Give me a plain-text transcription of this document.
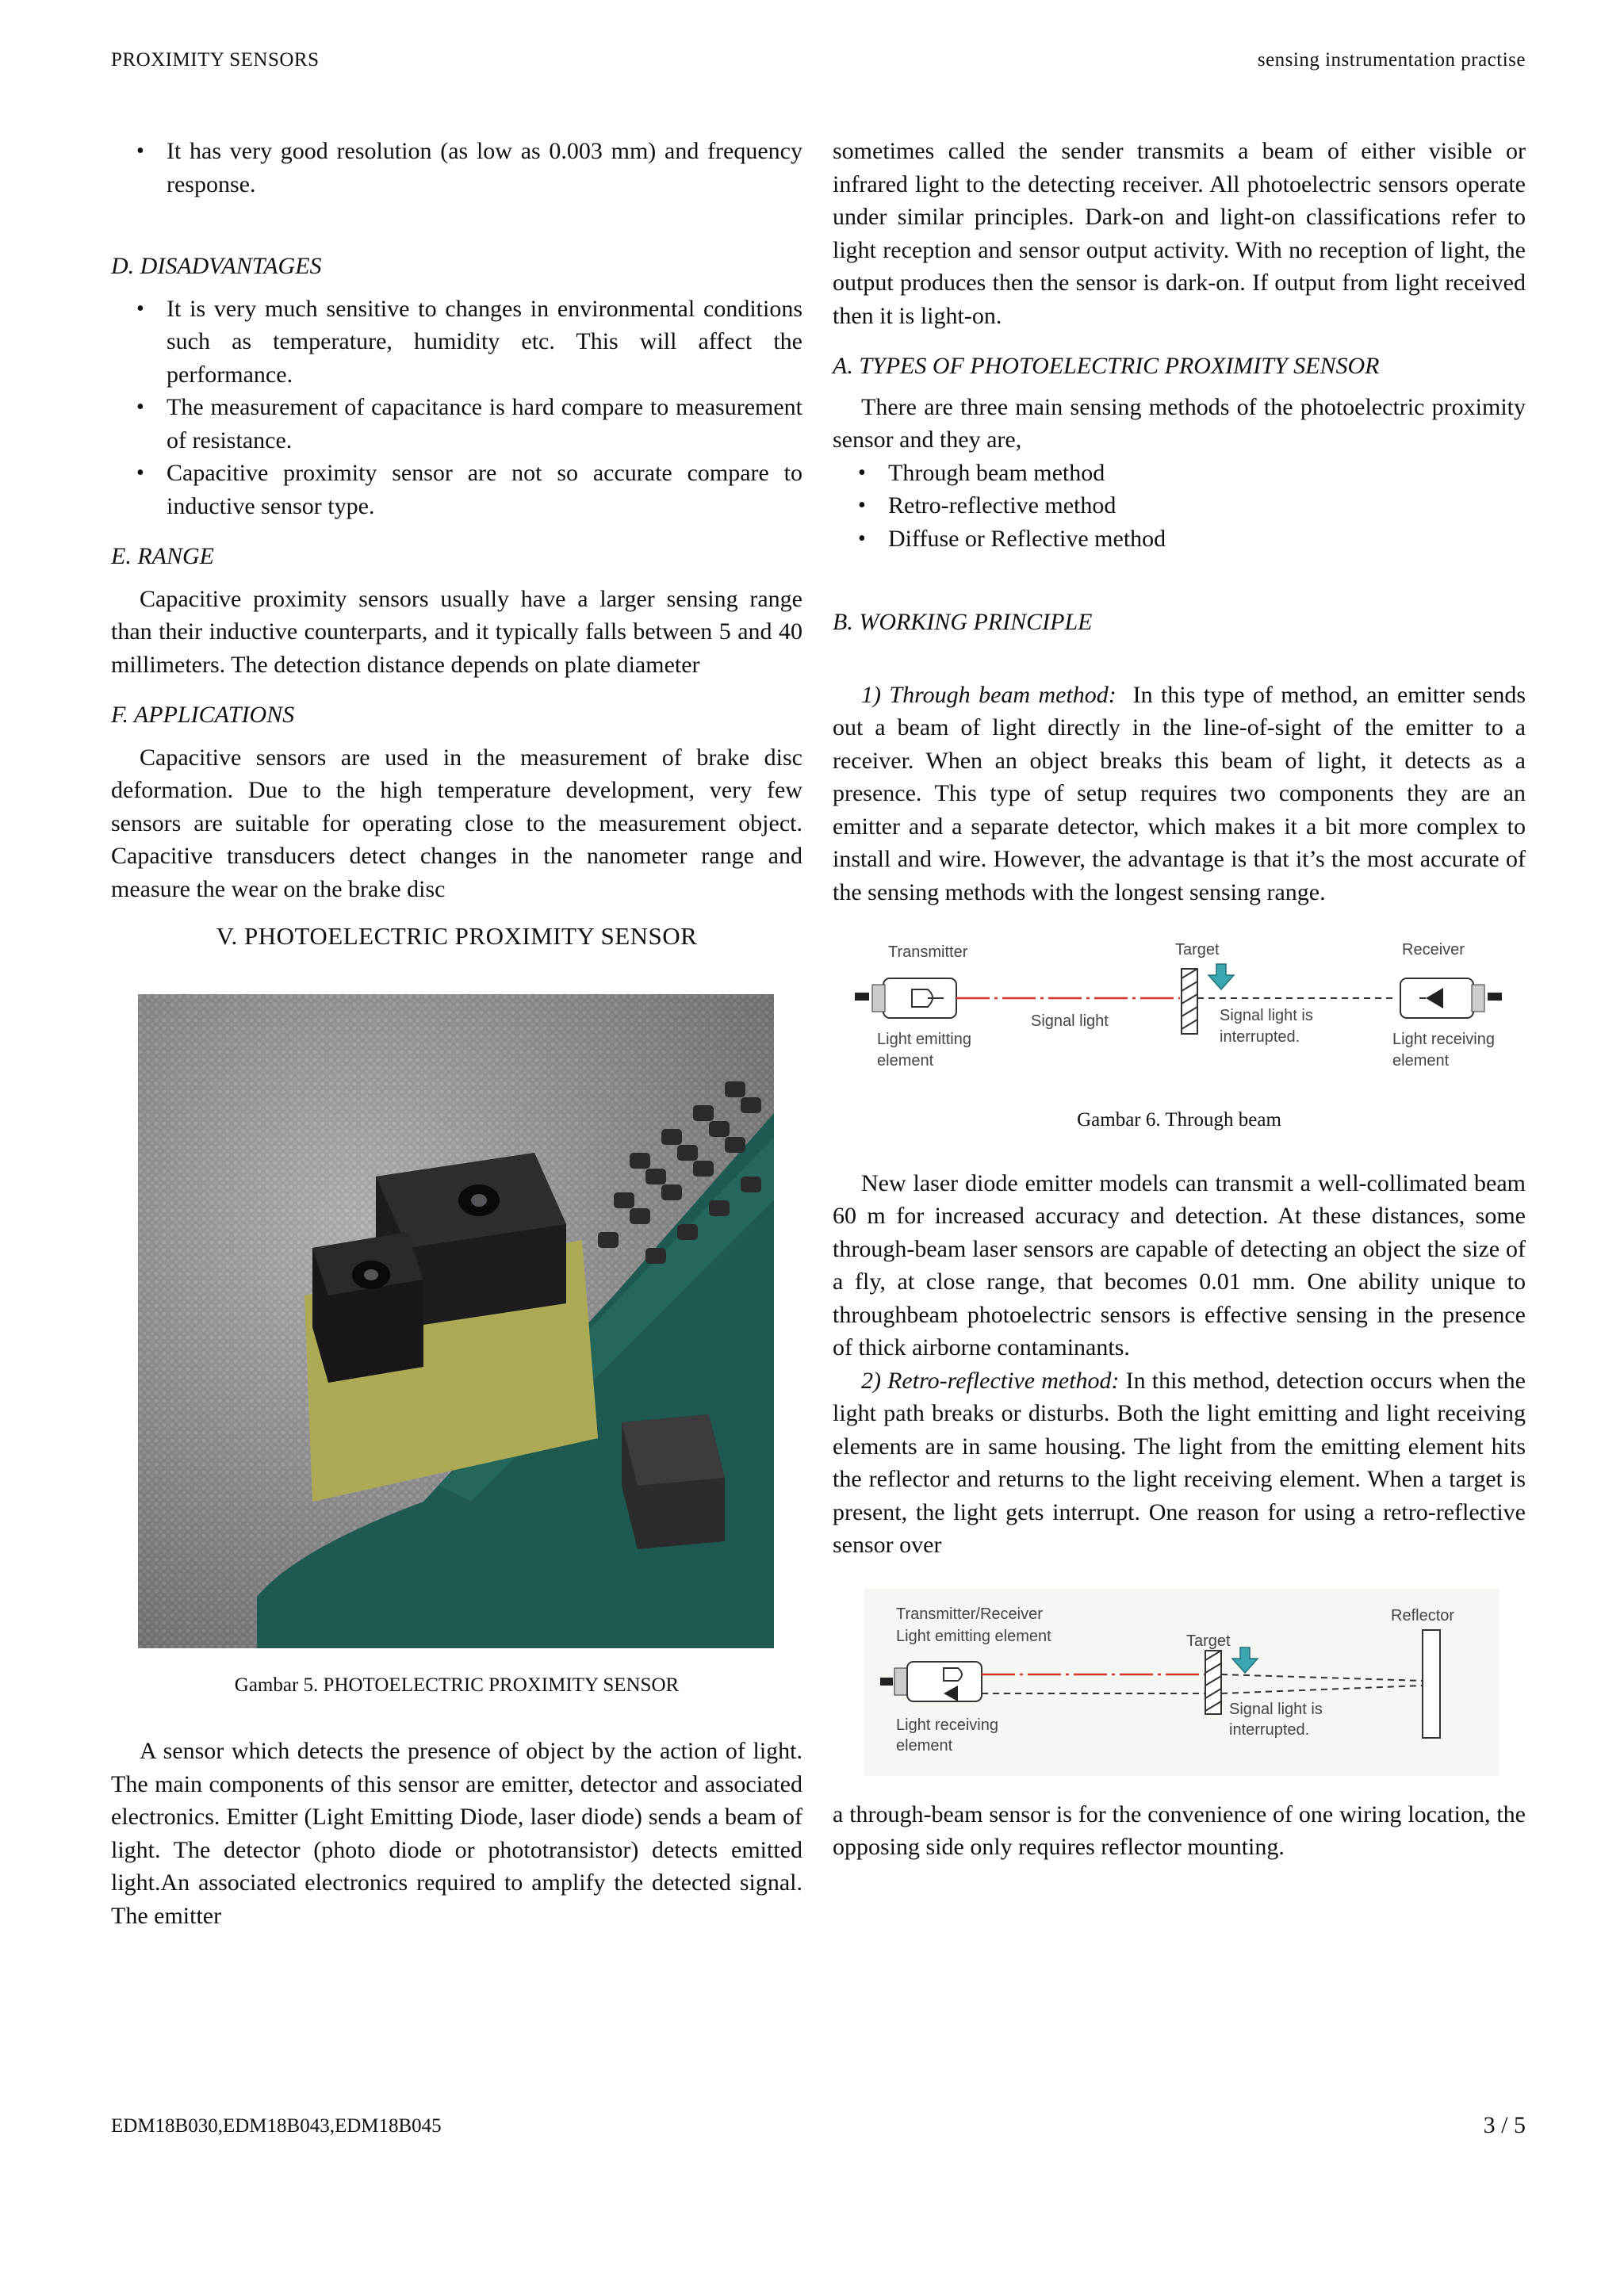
PROXIMITY SENSORS	sensing instrumentation practise
• It has very good resolution (as low as 0.003 mm) and frequency response.

D. DISADVANTAGES

• It is very much sensitive to changes in environmental conditions such as temperature, humidity etc. This will affect the performance.
• The measurement of capacitance is hard compare to measurement of resistance.
• Capacitive proximity sensor are not so accurate compare to inductive sensor type.

E. RANGE

Capacitive proximity sensors usually have a larger sensing range than their inductive counterparts, and it typically falls between 5 and 40 millimeters. The detection distance depends on plate diameter

F. APPLICATIONS

Capacitive sensors are used in the measurement of brake disc deformation. Due to the high temperature development, very few sensors are suitable for operating close to the measurement object. Capacitive transducers detect changes in the nanometer range and measure the wear on the brake disc

V. PHOTOELECTRIC PROXIMITY SENSOR
Gambar 5. PHOTOELECTRIC PROXIMITY SENSOR

A sensor which detects the presence of object by the action of light. The main components of this sensor are emitter, detector and associated electronics. Emitter (Light Emitting Diode, laser diode) sends a beam of light. The detector (photo diode or phototransistor) detects emitted light.An associated electronics required to amplify the detected signal. The emitter

sometimes called the sender transmits a beam of either visible or infrared light to the detecting receiver. All photoelectric sensors operate under similar principles. Dark-on and light-on classifications refer to light reception and sensor output activity. With no reception of light, the output produces then the sensor is dark-on. If output from light received then it is light-on.

A. TYPES OF PHOTOELECTRIC PROXIMITY SENSOR

There are three main sensing methods of the photoelectric proximity sensor and they are,

• Through beam method
• Retro-reflective method
• Diffuse or Reflective method

B. WORKING PRINCIPLE

1) Through beam method: In this type of method, an emitter sends out a beam of light directly in the line-of-sight of the emitter to a receiver. When an object breaks this beam of light, it detects as a presence. This type of setup requires two components they are an emitter and a separate detector, which makes it a bit more complex to install and wire. However, the advantage is that it’s the most accurate of the sensing methods with the longest sensing range.

Transmitter	Target	Receiver
Signal light	Signal light is
interrupted.
Light emitting
element
Light receiving
element
Gambar 6. Through beam

New laser diode emitter models can transmit a well-collimated beam 60 m for increased accuracy and detection. At these distances, some through-beam laser sensors are capable of detecting an object the size of a fly, at close range, that becomes 0.01 mm. One ability unique to throughbeam photoelectric sensors is effective sensing in the presence of thick airborne contaminants.

2) Retro-reflective method: In this method, detection occurs when the light path breaks or disturbs. Both the light emitting and light receiving elements are in same housing. The light from the emitting element hits the reflector and returns to the light receiving element. When a target is present, the light gets interrupt. One reason for using a retro-reflective sensor over

Transmitter/Receiver
Light emitting element	Target
Reflector
Light receiving
element
Signal light is
interrupted.

a through-beam sensor is for the convenience of one wiring location, the opposing side only requires reflector mounting.

EDM18B030,EDM18B043,EDM18B045	3 / 5
